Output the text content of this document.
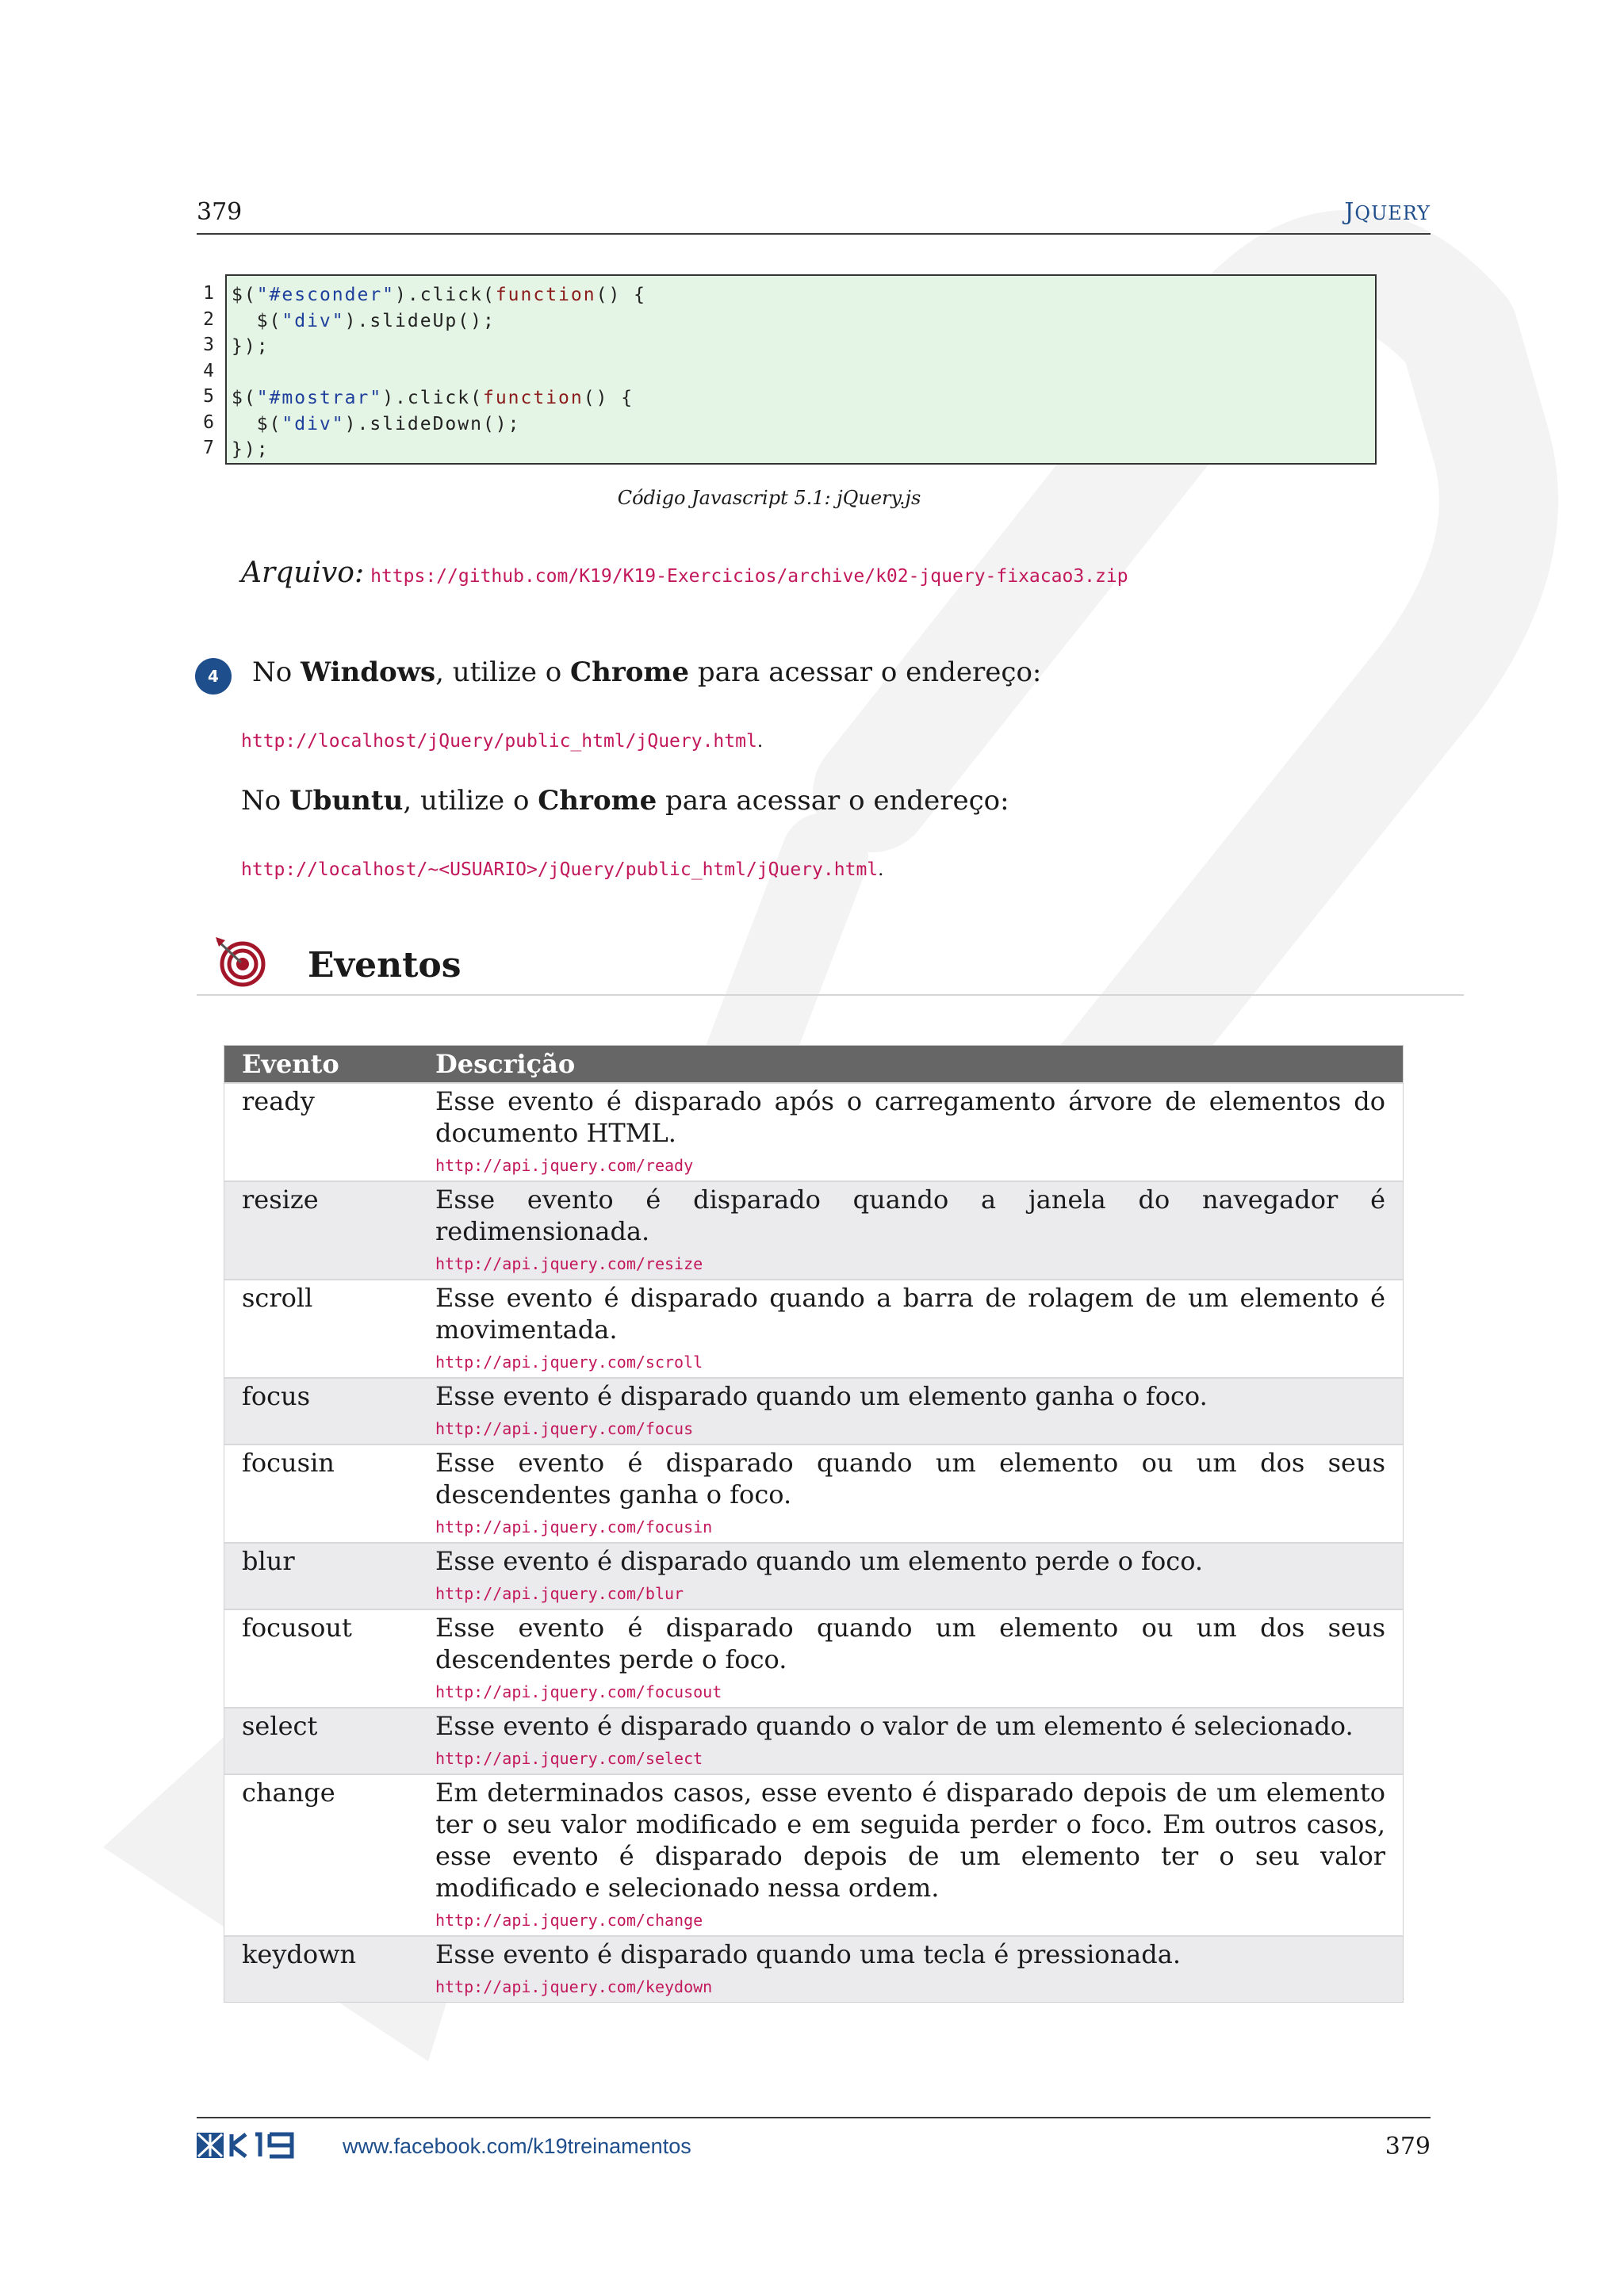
379	JQUERY
1
2
3
4
5
6
7
$("#esconder").click(function() {
$("div").slideUp();
});
$("#mostrar").click(function() {
$("div").slideDown();
});
Código Javascript 5.1: jQuery.js
Arquivo: https://github.com/K19/K19-Exercicios/archive/k02-jquery-fixacao3.zip
4	No Windows, utilize o Chrome para acessar o endereço:
http://localhost/jQuery/public_html/jQuery.html.
No Ubuntu, utilize o Chrome para acessar o endereço:
http://localhost/~<USUARIO>/jQuery/public_html/jQuery.html.
Eventos
Evento	Descrição
ready	Esse evento é disparado após o carregamento árvore de elementos do documento HTML.
http://api.jquery.com/ready

resize	Esse evento é disparado quando a janela do navegador é redimensionada.
http://api.jquery.com/resize

scroll	Esse evento é disparado quando a barra de rolagem de um elemento é movimentada.
http://api.jquery.com/scroll

focus	Esse evento é disparado quando um elemento ganha o foco.
http://api.jquery.com/focus

focusin	Esse evento é disparado quando um elemento ou um dos seus descendentes ganha o foco.
http://api.jquery.com/focusin

blur	Esse evento é disparado quando um elemento perde o foco.
http://api.jquery.com/blur

focusout	Esse evento é disparado quando um elemento ou um dos seus descendentes perde o foco.
http://api.jquery.com/focusout

select	Esse evento é disparado quando o valor de um elemento é selecionado.
http://api.jquery.com/select

change	Em determinados casos, esse evento é disparado depois de um elemento ter o seu valor modificado e em seguida perder o foco. Em outros casos, esse evento é disparado depois de um elemento ter o seu valor modificado e selecionado nessa ordem.
http://api.jquery.com/change

keydown	Esse evento é disparado quando uma tecla é pressionada.
http://api.jquery.com/keydown
www.facebook.com/k19treinamentos	379
